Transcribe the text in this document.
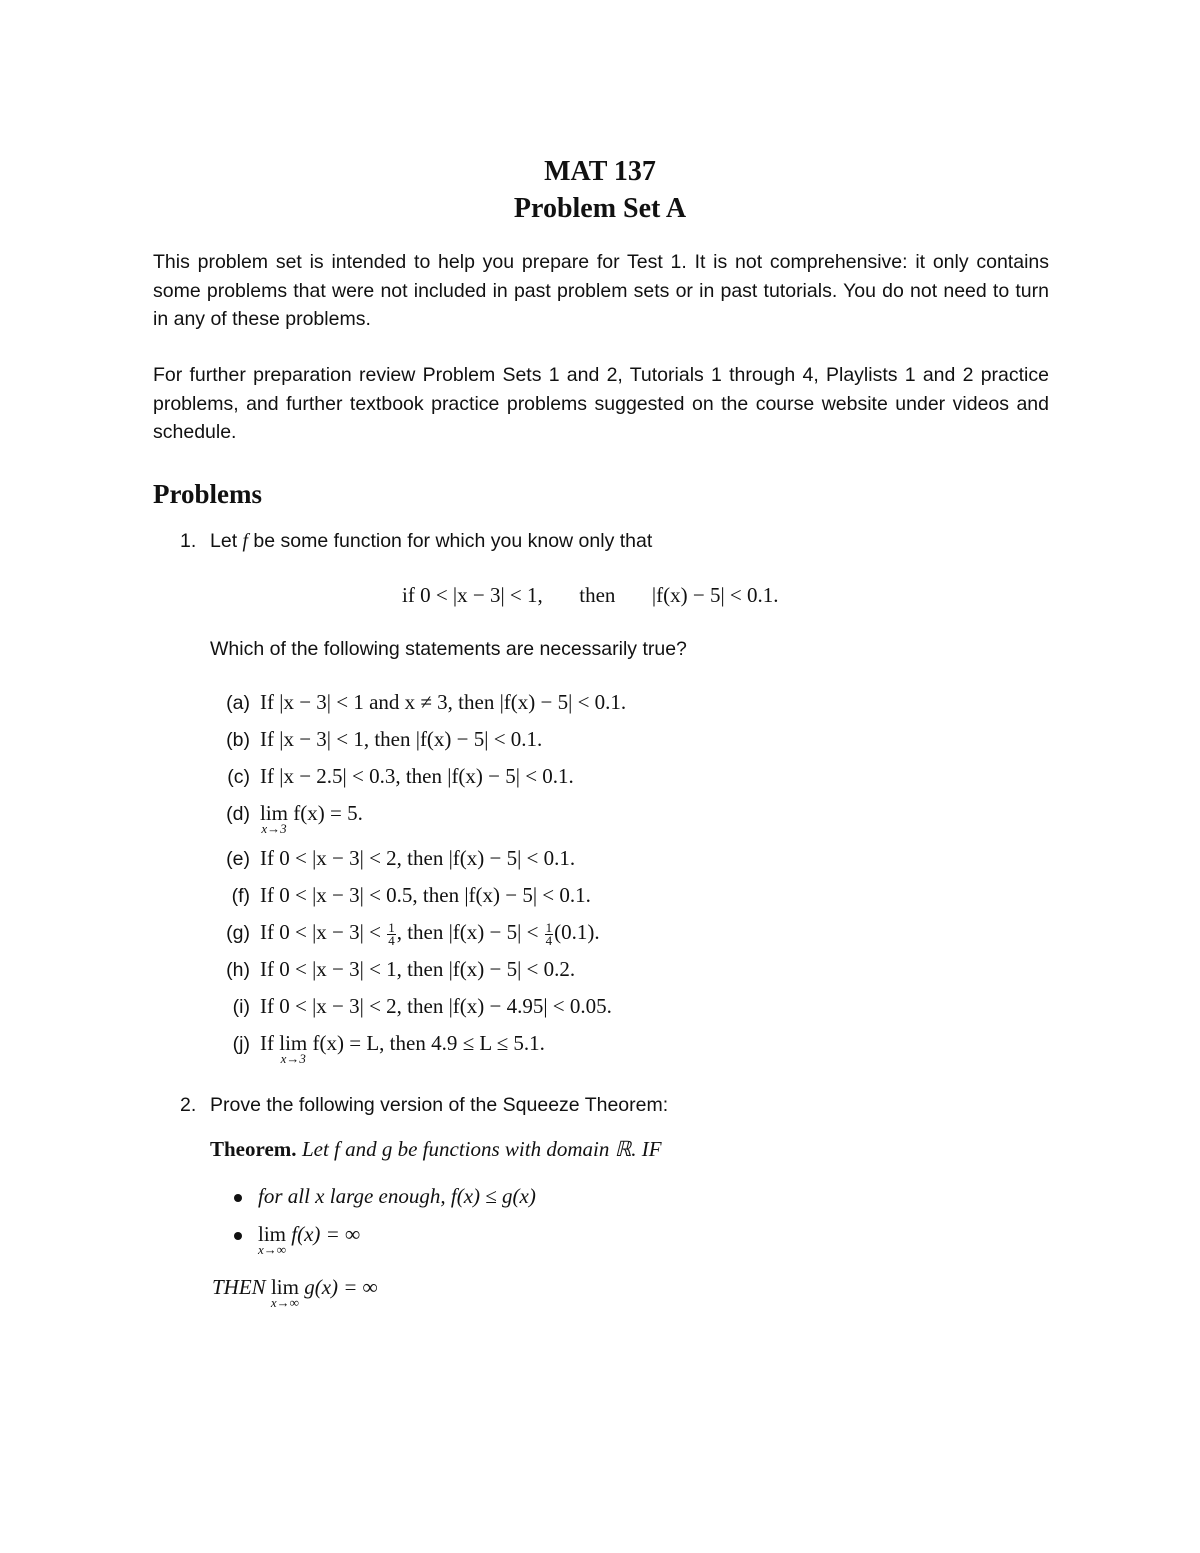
MAT 137
Problem Set A
This problem set is intended to help you prepare for Test 1. It is not comprehensive: it only contains some problems that were not included in past problem sets or in past tutorials. You do not need to turn in any of these problems.
For further preparation review Problem Sets 1 and 2, Tutorials 1 through 4, Playlists 1 and 2 practice problems, and further textbook practice problems suggested on the course website under videos and schedule.
Problems
1. Let f be some function for which you know only that
if 0 < |x − 3| < 1, then |f(x) − 5| < 0.1.
Which of the following statements are necessarily true?
(a) If |x − 3| < 1 and x ≠ 3, then |f(x) − 5| < 0.1.
(b) If |x − 3| < 1, then |f(x) − 5| < 0.1.
(c) If |x − 2.5| < 0.3, then |f(x) − 5| < 0.1.
(d) lim
x→3
f(x) = 5.
(e) If 0 < |x − 3| < 2, then |f(x) − 5| < 0.1.
(f) If 0 < |x − 3| < 0.5, then |f(x) − 5| < 0.1.
(g) If $0 < |x - 3| < \frac{1}{4}$ , then $|f(x) - 5| < \frac{1}{4} (0.1)$.
(h) If 0 < |x − 3| < 1, then |f(x) − 5| < 0.2.
(i) If 0 < |x − 3| < 2, then |f(x) − 4.95| < 0.05.
(j) If lim
x→3
f(x) = L, then 4.9 ≤ L ≤ 5.1.
2. Prove the following version of the Squeeze Theorem:
Theorem. Let f and g be functions with domain ℝ. IF
for all x large enough, f(x) ≤ g(x)
lim
x→∞
f(x) = ∞
THEN lim
x→∞
g(x) = ∞
